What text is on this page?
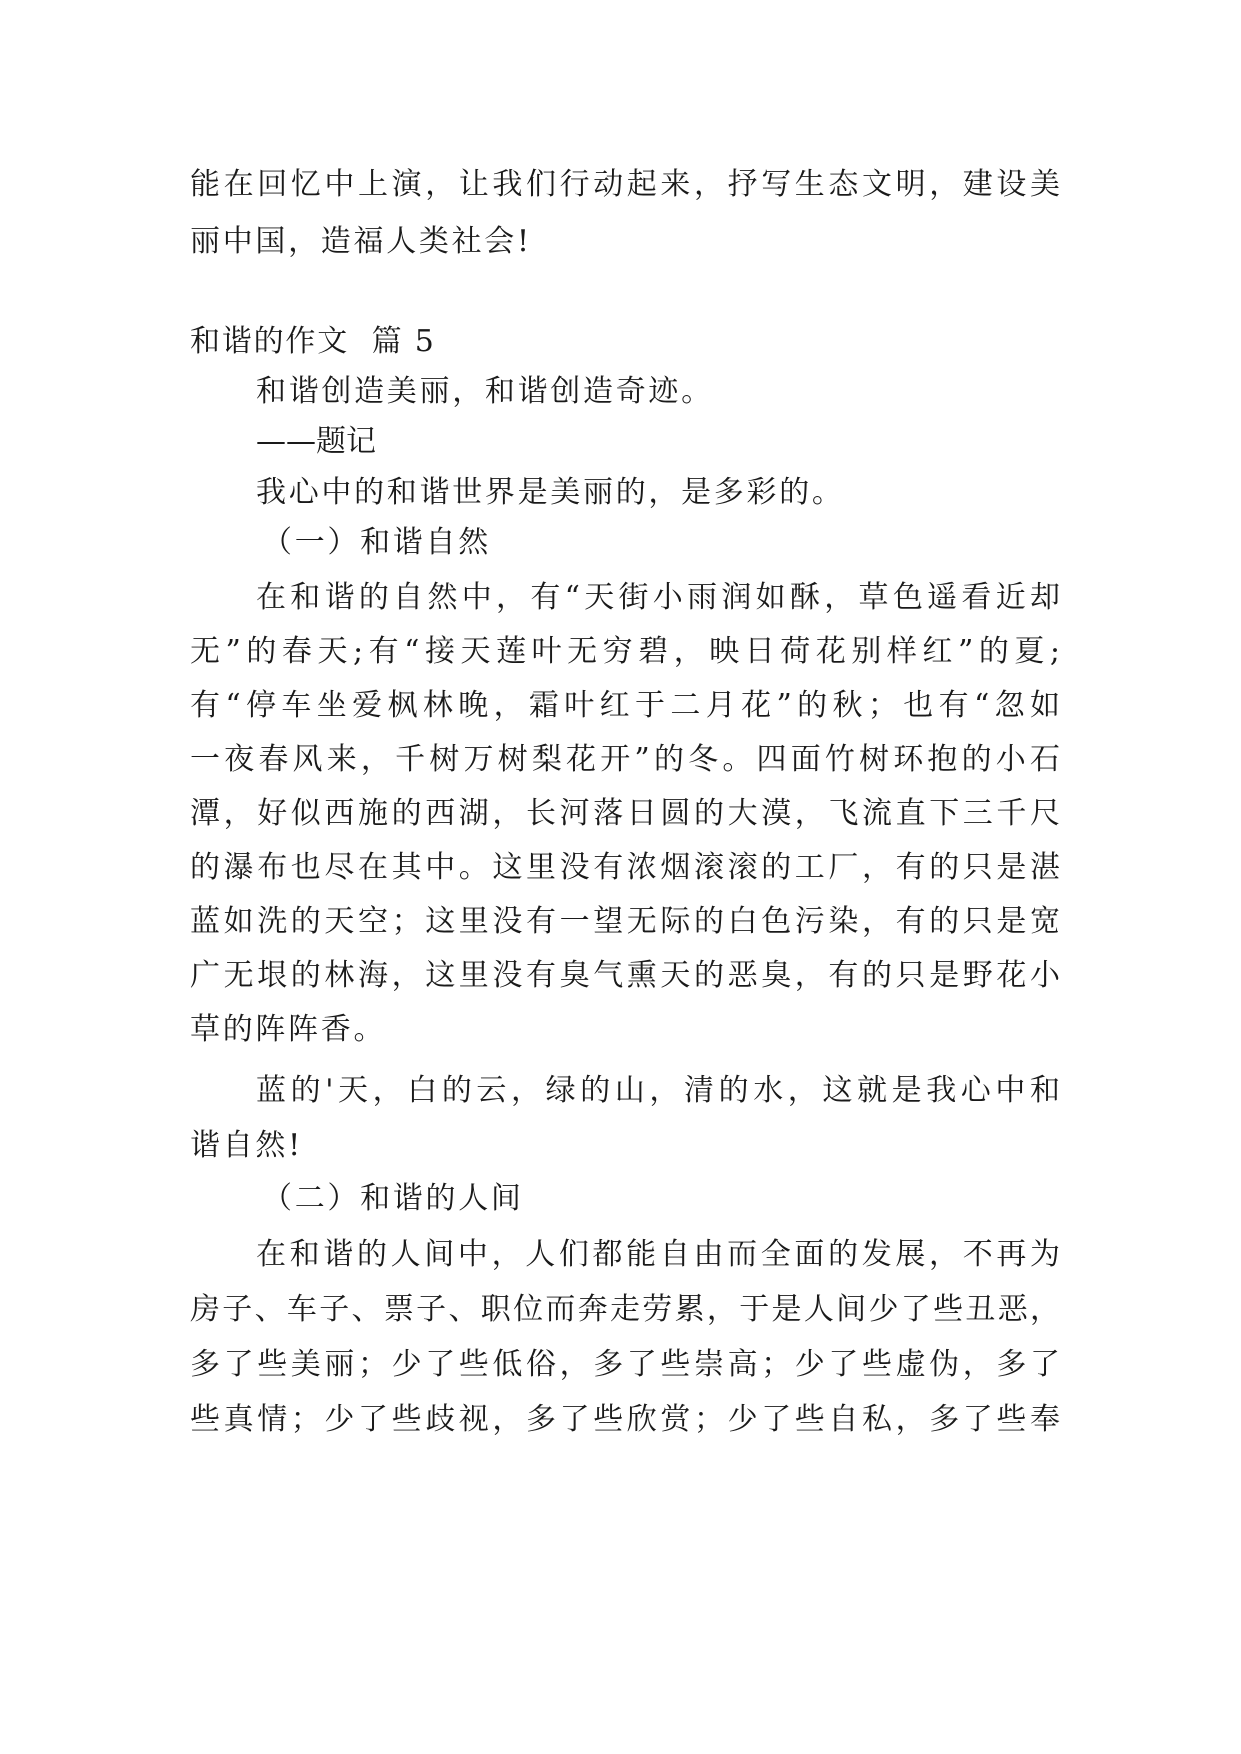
能在回忆中上演，让我们行动起来，抒写生态文明，建设美
丽中国，造福人类社会!
和谐的作文  篇 5
和谐创造美丽，和谐创造奇迹。
——题记
我心中的和谐世界是美丽的，是多彩的。
（一）和谐自然
在和谐的自然中，有“天街小雨润如酥，草色遥看近却
无”的春天;有“接天莲叶无穷碧，映日荷花别样红”的夏;
有“停车坐爱枫林晚，霜叶红于二月花”的秋；也有“忽如
一夜春风来，千树万树梨花开”的冬。四面竹树环抱的小石
潭，好似西施的西湖，长河落日圆的大漠，飞流直下三千尺
的瀑布也尽在其中。这里没有浓烟滚滚的工厂，有的只是湛
蓝如洗的天空；这里没有一望无际的白色污染，有的只是宽
广无垠的林海，这里没有臭气熏天的恶臭，有的只是野花小
草的阵阵香。
蓝的'天，白的云，绿的山，清的水，这就是我心中和
谐自然!
（二）和谐的人间
在和谐的人间中，人们都能自由而全面的发展，不再为
房子、车子、票子、职位而奔走劳累，于是人间少了些丑恶，
多了些美丽；少了些低俗，多了些崇高；少了些虚伪，多了
些真情；少了些歧视，多了些欣赏；少了些自私，多了些奉
